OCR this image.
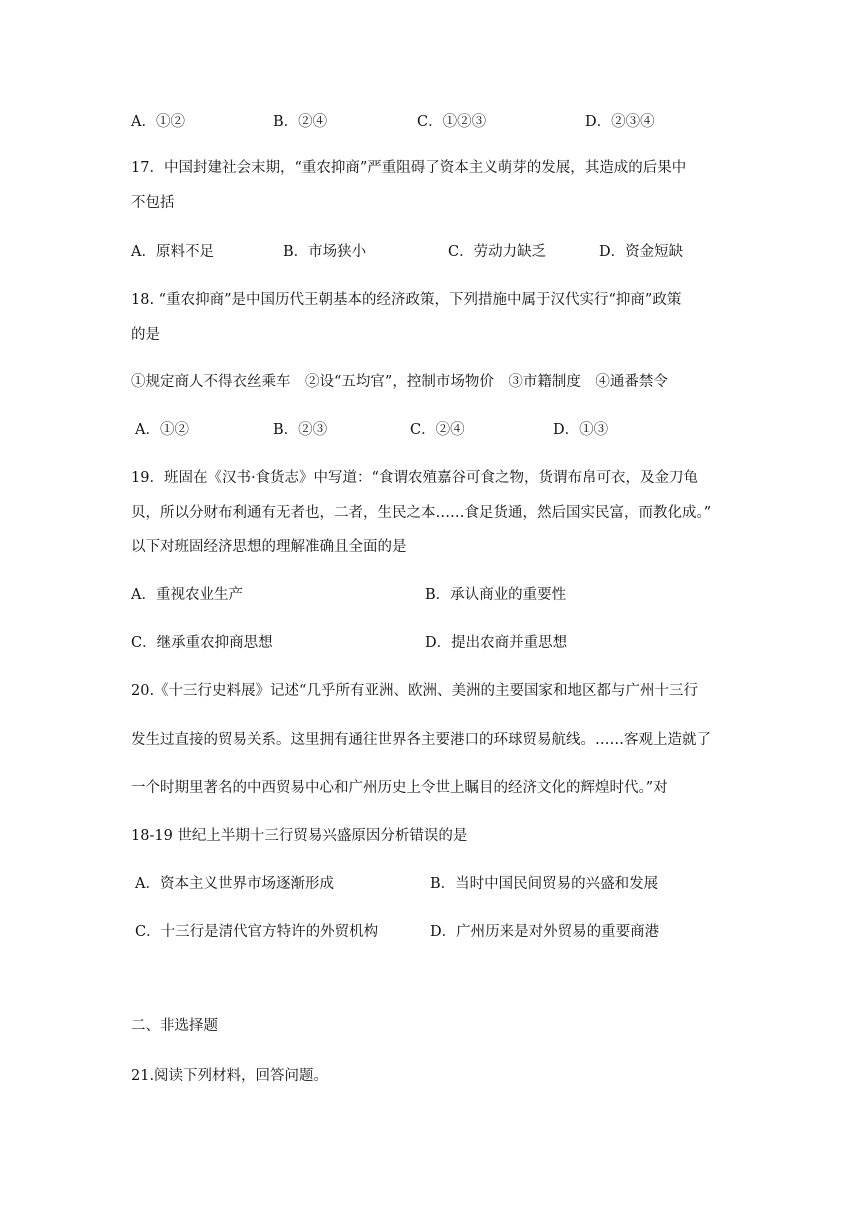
A．①②	B．②④	C．①②③	D．②③④
17．中国封建社会末期，“重农抑商”严重阻碍了资本主义萌芽的发展，其造成的后果中
不包括
A．原料不足	B．市场狭小	C．劳动力缺乏	D．资金短缺
18. “重农抑商”是中国历代王朝基本的经济政策，下列措施中属于汉代实行“抑商”政策
的是
①规定商人不得衣丝乘车　②设“五均官”，控制市场物价　③市籍制度　④通番禁令
A．①②	B．②③	C．②④	D．①③
19．班固在《汉书·食货志》中写道：“食谓农殖嘉谷可食之物，货谓布帛可衣，及金刀龟
贝，所以分财布利通有无者也，二者，生民之本……食足货通，然后国实民富，而教化成。”
以下对班固经济思想的理解准确且全面的是
A．重视农业生产	B．承认商业的重要性
C．继承重农抑商思想	D．提出农商并重思想
20.《十三行史料展》记述“几乎所有亚洲、欧洲、美洲的主要国家和地区都与广州十三行
发生过直接的贸易关系。这里拥有通往世界各主要港口的环球贸易航线。……客观上造就了
一个时期里著名的中西贸易中心和广州历史上令世上瞩目的经济文化的辉煌时代。”对
18-19 世纪上半期十三行贸易兴盛原因分析错误的是
A．资本主义世界市场逐渐形成	B．当时中国民间贸易的兴盛和发展
C．十三行是清代官方特许的外贸机构	D．广州历来是对外贸易的重要商港
二、非选择题
21.阅读下列材料，回答问题。
